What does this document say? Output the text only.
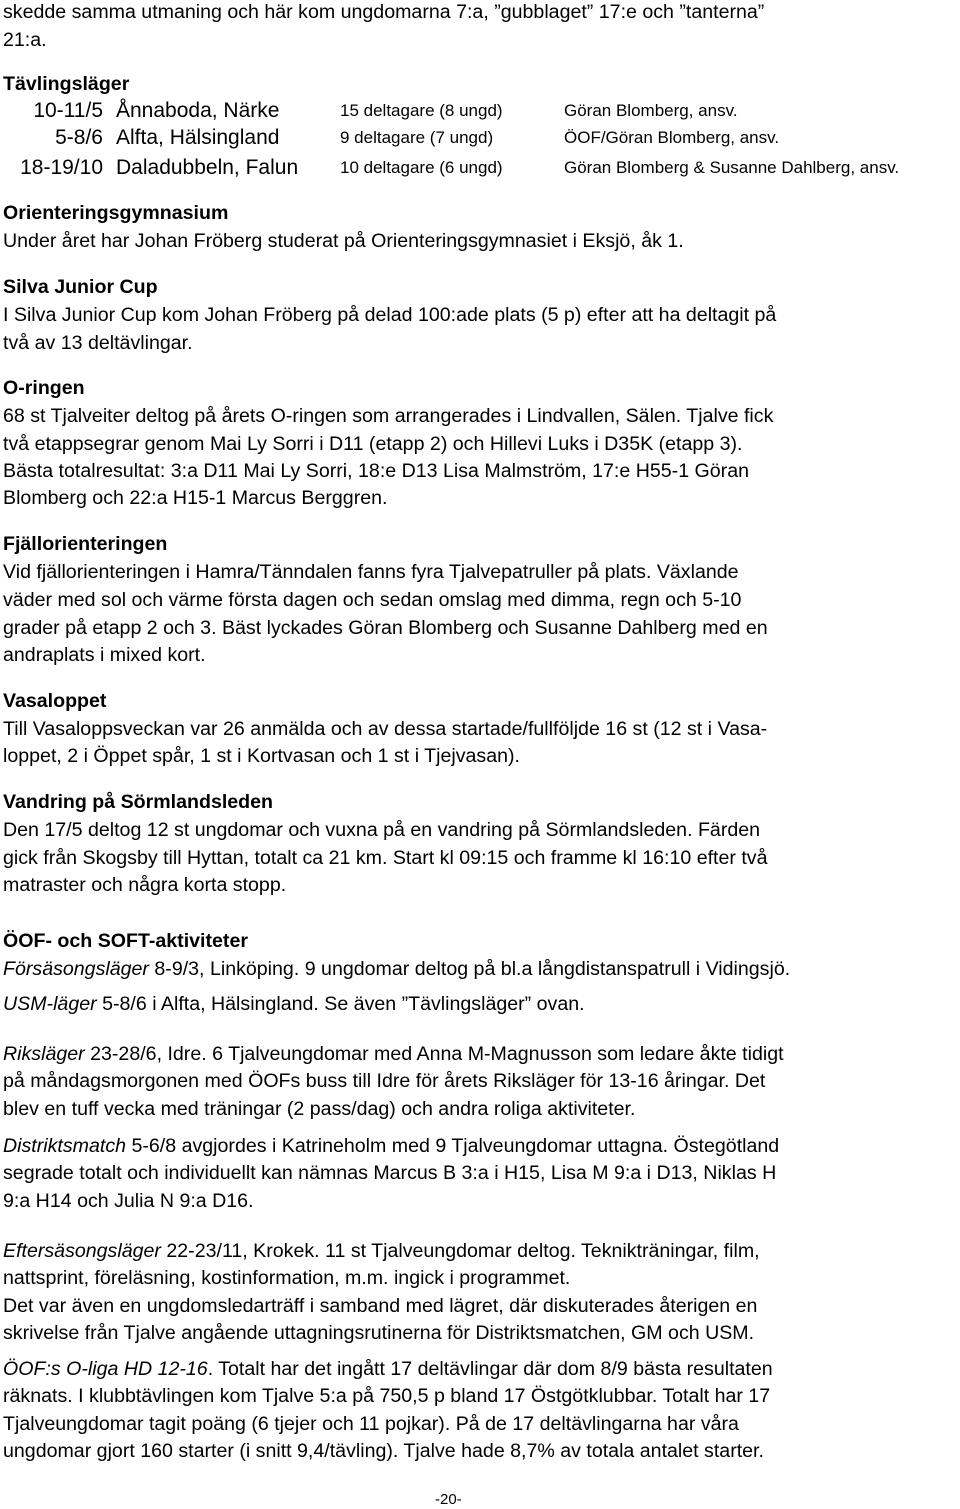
skedde samma utmaning och här kom ungdomarna 7:a, ”gubblaget” 17:e och ”tanterna”
21:a.
Tävlingsläger
10-11/5 Ånnaboda, Närke	15 deltagare (8 ungd)	Göran Blomberg, ansv.
5-8/6 Alfta, Hälsingland	9 deltagare (7 ungd)	ÖOF/Göran Blomberg, ansv.
18-19/10 Daladubbeln, Falun 10 deltagare (6 ungd)	Göran Blomberg & Susanne Dahlberg, ansv.
Orienteringsgymnasium
Under året har Johan Fröberg studerat på Orienteringsgymnasiet i Eksjö, åk 1.
Silva Junior Cup
I Silva Junior Cup kom Johan Fröberg på delad 100:ade plats (5 p) efter att ha deltagit på
två av 13 deltävlingar.
O-ringen
68 st Tjalveiter deltog på årets O-ringen som arrangerades i Lindvallen, Sälen. Tjalve fick
två etappsegrar genom Mai Ly Sorri i D11 (etapp 2) och Hillevi Luks i D35K (etapp 3).
Bästa totalresultat: 3:a D11 Mai Ly Sorri, 18:e D13 Lisa Malmström, 17:e H55-1 Göran
Blomberg och 22:a H15-1 Marcus Berggren.
Fjällorienteringen
Vid fjällorienteringen i Hamra/Tänndalen fanns fyra Tjalvepatruller på plats. Växlande
väder med sol och värme första dagen och sedan omslag med dimma, regn och 5-10
grader på etapp 2 och 3. Bäst lyckades Göran Blomberg och Susanne Dahlberg med en
andraplats i mixed kort.
Vasaloppet
Till Vasaloppsveckan var 26 anmälda och av dessa startade/fullföljde 16 st (12 st i Vasa-
loppet, 2 i Öppet spår, 1 st i Kortvasan och 1 st i Tjejvasan).
Vandring på Sörmlandsleden
Den 17/5 deltog 12 st ungdomar och vuxna på en vandring på Sörmlandsleden. Färden
gick från Skogsby till Hyttan, totalt ca 21 km. Start kl 09:15 och framme kl 16:10 efter två
matraster och några korta stopp.
ÖOF- och SOFT-aktiviteter
Försäsongsläger 8-9/3, Linköping. 9 ungdomar deltog på bl.a långdistanspatrull i Vidingsjö.
USM-läger 5-8/6 i Alfta, Hälsingland. Se även ”Tävlingsläger” ovan.
Riksläger 23-28/6, Idre. 6 Tjalveungdomar med Anna M-Magnusson som ledare åkte tidigt
på måndagsmorgonen med ÖOFs buss till Idre för årets Riksläger för 13-16 åringar. Det
blev en tuff vecka med träningar (2 pass/dag) och andra roliga aktiviteter.
Distriktsmatch 5-6/8 avgjordes i Katrineholm med 9 Tjalveungdomar uttagna. Östegötland
segrade totalt och individuellt kan nämnas Marcus B 3:a i H15, Lisa M 9:a i D13, Niklas H
9:a H14 och Julia N 9:a D16.
Eftersäsongsläger 22-23/11, Krokek. 11 st Tjalveungdomar deltog. Teknikträningar, film,
nattsprint, föreläsning, kostinformation, m.m. ingick i programmet.
Det var även en ungdomsledarträff i samband med lägret, där diskuterades återigen en
skrivelse från Tjalve angående uttagningsrutinerna för Distriktsmatchen, GM och USM.
ÖOF:s O-liga HD 12-16. Totalt har det ingått 17 deltävlingar där dom 8/9 bästa resultaten
räknats. I klubbtävlingen kom Tjalve 5:a på 750,5 p bland 17 Östgötklubbar. Totalt har 17
Tjalveungdomar tagit poäng (6 tjejer och 11 pojkar). På de 17 deltävlingarna har våra
ungdomar gjort 160 starter (i snitt 9,4/tävling). Tjalve hade 8,7% av totala antalet starter.
-20-
